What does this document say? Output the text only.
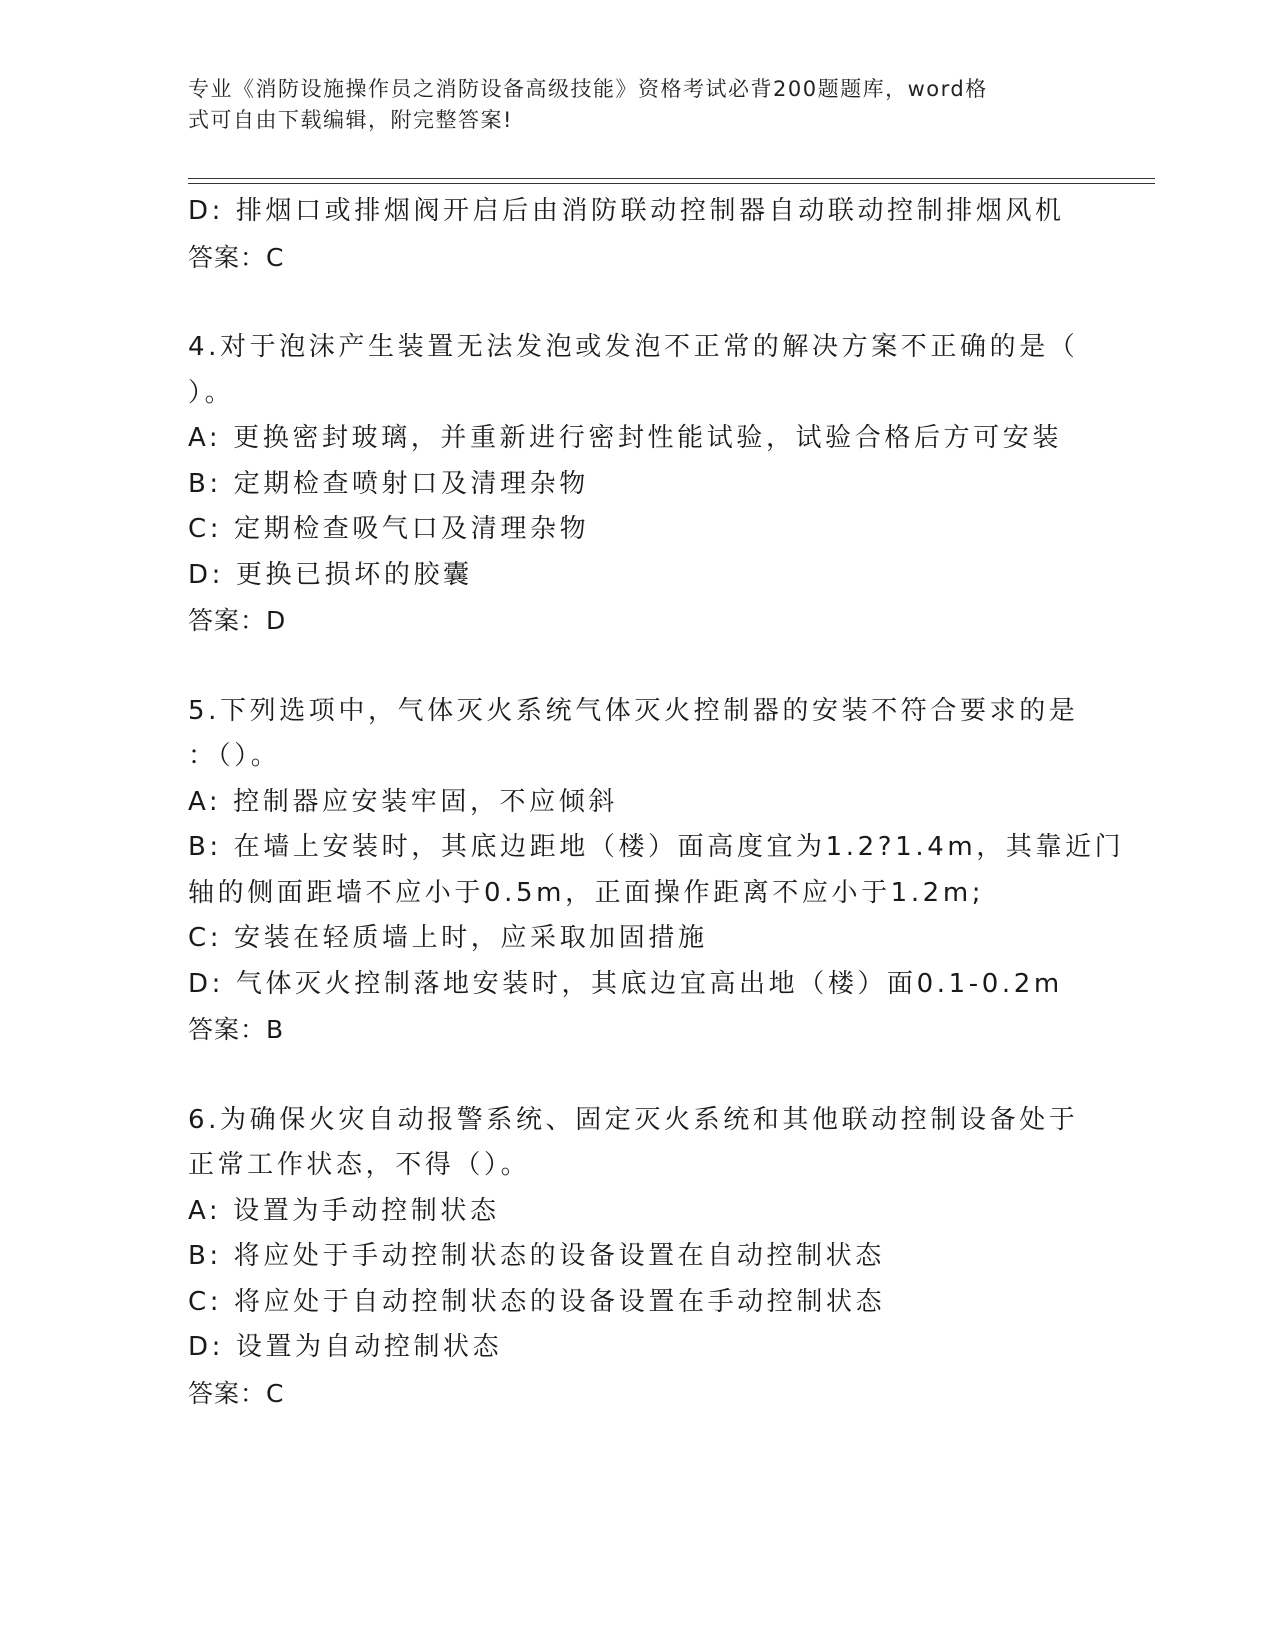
专业《消防设施操作员之消防设备高级技能》资格考试必背200题题库，word格
式可自由下载编辑，附完整答案!
D: 排烟口或排烟阀开启后由消防联动控制器自动联动控制排烟风机
答案：C
4.对于泡沫产生装置无法发泡或发泡不正常的解决方案不正确的是（
）。
A: 更换密封玻璃，并重新进行密封性能试验，试验合格后方可安装
B: 定期检查喷射口及清理杂物
C: 定期检查吸气口及清理杂物
D: 更换已损坏的胶囊
答案：D
5.下列选项中，气体灭火系统气体灭火控制器的安装不符合要求的是
：（）。
A: 控制器应安装牢固，不应倾斜
B: 在墙上安装时，其底边距地（楼）面高度宜为1.2?1.4m，其靠近门
轴的侧面距墙不应小于0.5m，正面操作距离不应小于1.2m;
C: 安装在轻质墙上时，应采取加固措施
D: 气体灭火控制落地安装时，其底边宜高出地（楼）面0.1-0.2m
答案：B
6.为确保火灾自动报警系统、固定灭火系统和其他联动控制设备处于
正常工作状态，不得（）。
A: 设置为手动控制状态
B: 将应处于手动控制状态的设备设置在自动控制状态
C: 将应处于自动控制状态的设备设置在手动控制状态
D: 设置为自动控制状态
答案：C
